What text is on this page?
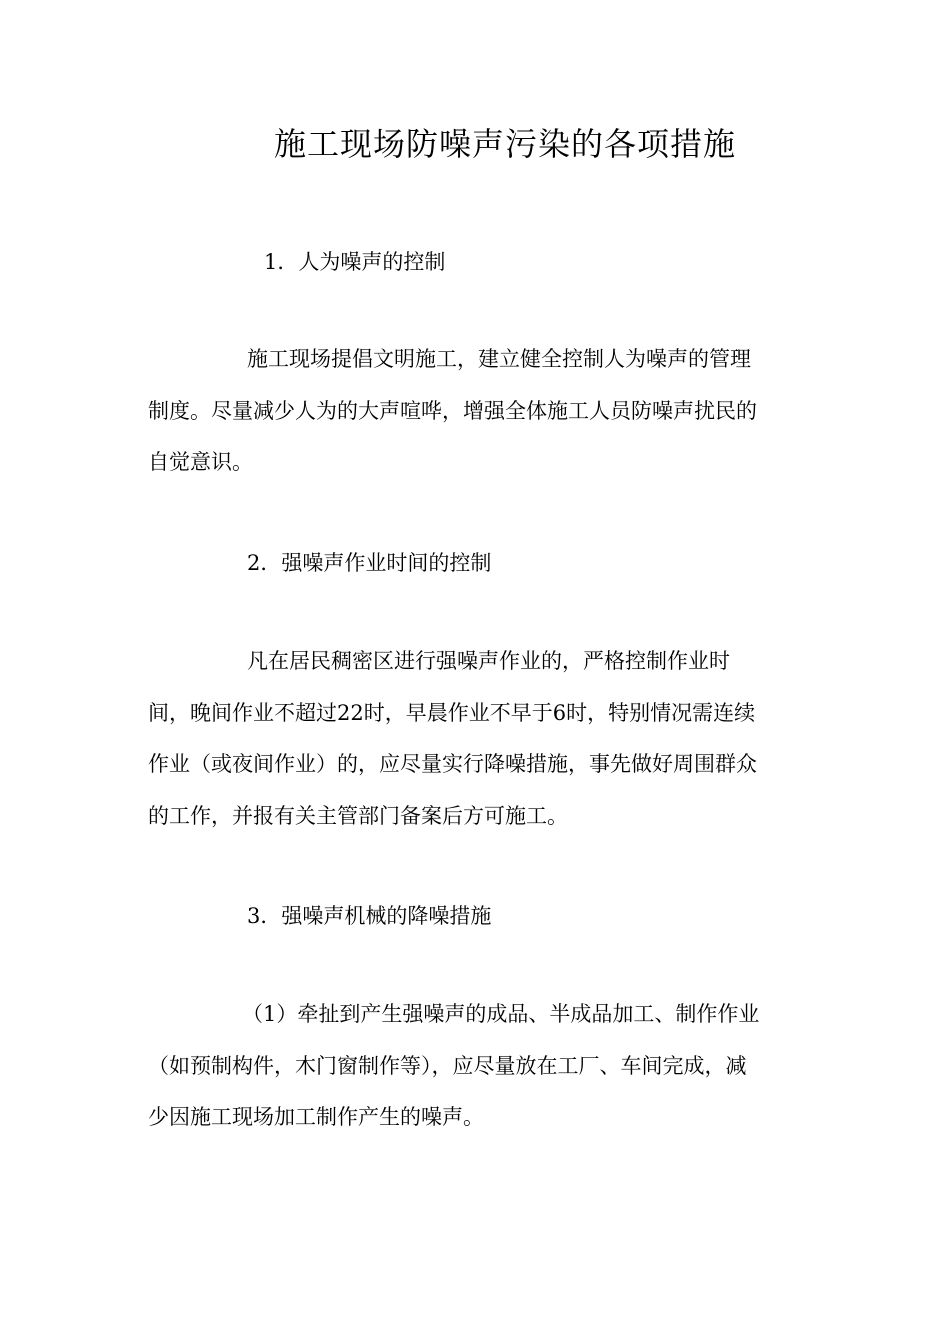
施工现场防噪声污染的各项措施
1．人为噪声的控制
施工现场提倡文明施工，建立健全控制人为噪声的管理
制度。尽量减少人为的大声喧哗，增强全体施工人员防噪声扰民的
自觉意识。
2．强噪声作业时间的控制
凡在居民稠密区进行强噪声作业的，严格控制作业时
间，晚间作业不超过22时，早晨作业不早于6时，特别情况需连续
作业（或夜间作业）的，应尽量实行降噪措施，事先做好周围群众
的工作，并报有关主管部门备案后方可施工。
3．强噪声机械的降噪措施
（1）牵扯到产生强噪声的成品、半成品加工、制作作业
（如预制构件，木门窗制作等），应尽量放在工厂、车间完成，减
少因施工现场加工制作产生的噪声。
